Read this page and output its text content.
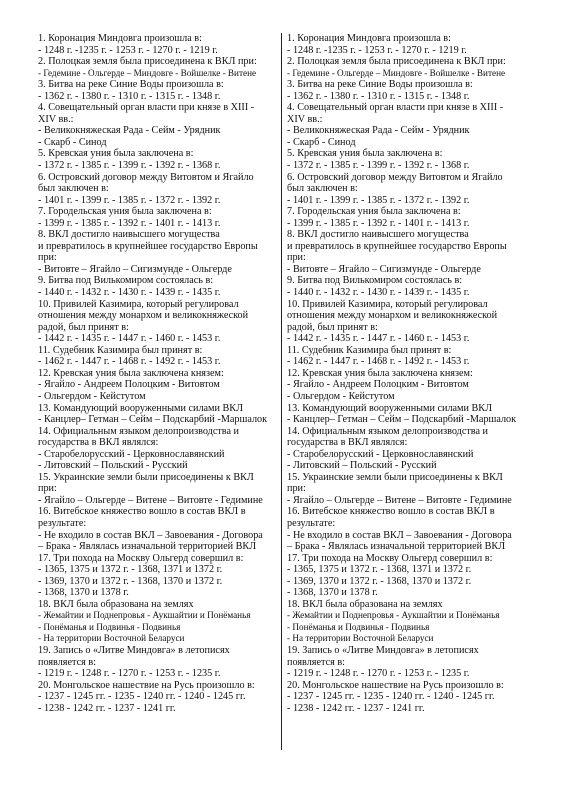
1. Коронация Миндовга произошла в:
- 1248 г. -1235 г. - 1253 г. - 1270 г. - 1219 г.
2. Полоцкая земля была присоединена к ВКЛ при:
- Гедемине - Ольгерде – Миндовге - Войшелке - Витене
3. Битва на реке Синие Воды произошла в:
- 1362 г. - 1380 г. - 1310 г. - 1315 г. - 1348 г.
4. Совещательный орган власти при князе в XIII -
XIV вв.:
- Великокняжеская Рада - Сейм - Урядник
- Скарб - Синод
5. Кревская уния была заключена в:
- 1372 г. - 1385 г. - 1399 г. - 1392 г. - 1368 г.
6. Островский договор между Витовтом и Ягайло
был заключен в:
- 1401 г. - 1399 г. - 1385 г. - 1372 г. - 1392 г.
7. Городельская уния была заключена в:
- 1399 г. - 1385 г. - 1392 г. - 1401 г. - 1413 г.
8. ВКЛ достигло наивысшего могущества
и превратилось в крупнейшее государство Европы
при:
- Витовте – Ягайло – Сигизмунде - Ольгерде
9. Битва под Вилькомиром состоялась в:
- 1440 г. - 1432 г. - 1430 г. - 1439 г. - 1435 г.
10. Привилей Казимира, который регулировал
отношения между монархом и великокняжеской
радой, был принят в:
- 1442 г. - 1435 г. - 1447 г. - 1460 г. - 1453 г.
11. Судебник Казимира был принят в:
- 1462 г. - 1447 г. - 1468 г. - 1492 г. - 1453 г.
12. Кревская уния была заключена князем:
- Ягайло - Андреем Полоцким - Витовтом
- Ольгердом - Кейстутом
13. Командующий вооруженными силами ВКЛ
- Канцлер– Гетман – Сейм – Подскарбий -Маршалок
14. Официальным языком делопроизводства и
государства в ВКЛ являлся:
- Старобелорусский - Церковнославянский
- Литовский – Польский - Русский
15. Украинские земли были присоединены к ВКЛ
при:
- Ягайло – Ольгерде – Витене – Витовте - Гедимине
16. Витебское княжество вошло в состав ВКЛ в
результате:
- Не входило в состав ВКЛ – Завоевания - Договора
– Брака - Являлась изначальной территорией ВКЛ
17. Три похода на Москву Ольгерд совершил в:
- 1365, 1375 и 1372 г. - 1368, 1371 и 1372 г.
- 1369, 1370 и 1372 г. - 1368, 1370 и 1372 г.
- 1368, 1370 и 1378 г.
18. ВКЛ была образована на землях
- Жемайтии и Поднепровья - Аукшайтии и Понёманья
- Понёманья и Подвинья - Подвинья
- На территории Восточной Беларуси
19. Запись о «Литве Миндовга» в летописях
появляется в:
- 1219 г. - 1248 г. - 1270 г. - 1253 г. - 1235 г.
20. Монгольское нашествие на Русь произошло в:
- 1237 - 1245 гг. - 1235 - 1240 гг. - 1240 - 1245 гг.
- 1238 - 1242 гг. - 1237 - 1241 гг.
1. Коронация Миндовга произошла в:
- 1248 г. -1235 г. - 1253 г. - 1270 г. - 1219 г.
2. Полоцкая земля была присоединена к ВКЛ при:
- Гедемине - Ольгерде – Миндовге - Войшелке - Витене
3. Битва на реке Синие Воды произошла в:
- 1362 г. - 1380 г. - 1310 г. - 1315 г. - 1348 г.
4. Совещательный орган власти при князе в XIII -
XIV вв.:
- Великокняжеская Рада - Сейм - Урядник
- Скарб - Синод
5. Кревская уния была заключена в:
- 1372 г. - 1385 г. - 1399 г. - 1392 г. - 1368 г.
6. Островский договор между Витовтом и Ягайло
был заключен в:
- 1401 г. - 1399 г. - 1385 г. - 1372 г. - 1392 г.
7. Городельская уния была заключена в:
- 1399 г. - 1385 г. - 1392 г. - 1401 г. - 1413 г.
8. ВКЛ достигло наивысшего могущества
и превратилось в крупнейшее государство Европы
при:
- Витовте – Ягайло – Сигизмунде - Ольгерде
9. Битва под Вилькомиром состоялась в:
- 1440 г. - 1432 г. - 1430 г. - 1439 г. - 1435 г.
10. Привилей Казимира, который регулировал
отношения между монархом и великокняжеской
радой, был принят в:
- 1442 г. - 1435 г. - 1447 г. - 1460 г. - 1453 г.
11. Судебник Казимира был принят в:
- 1462 г. - 1447 г. - 1468 г. - 1492 г. - 1453 г.
12. Кревская уния была заключена князем:
- Ягайло - Андреем Полоцким - Витовтом
- Ольгердом - Кейстутом
13. Командующий вооруженными силами ВКЛ
- Канцлер– Гетман – Сейм – Подскарбий -Маршалок
14. Официальным языком делопроизводства и
государства в ВКЛ являлся:
- Старобелорусский - Церковнославянский
- Литовский – Польский - Русский
15. Украинские земли были присоединены к ВКЛ
при:
- Ягайло – Ольгерде – Витене – Витовте - Гедимине
16. Витебское княжество вошло в состав ВКЛ в
результате:
- Не входило в состав ВКЛ – Завоевания - Договора
– Брака - Являлась изначальной территорией ВКЛ
17. Три похода на Москву Ольгерд совершил в:
- 1365, 1375 и 1372 г. - 1368, 1371 и 1372 г.
- 1369, 1370 и 1372 г. - 1368, 1370 и 1372 г.
- 1368, 1370 и 1378 г.
18. ВКЛ была образована на землях
- Жемайтии и Поднепровья - Аукшайтии и Понёманья
- Понёманья и Подвинья - Подвинья
- На территории Восточной Беларуси
19. Запись о «Литве Миндовга» в летописях
появляется в:
- 1219 г. - 1248 г. - 1270 г. - 1253 г. - 1235 г.
20. Монгольское нашествие на Русь произошло в:
- 1237 - 1245 гг. - 1235 - 1240 гг. - 1240 - 1245 гг.
- 1238 - 1242 гг. - 1237 - 1241 гг.
